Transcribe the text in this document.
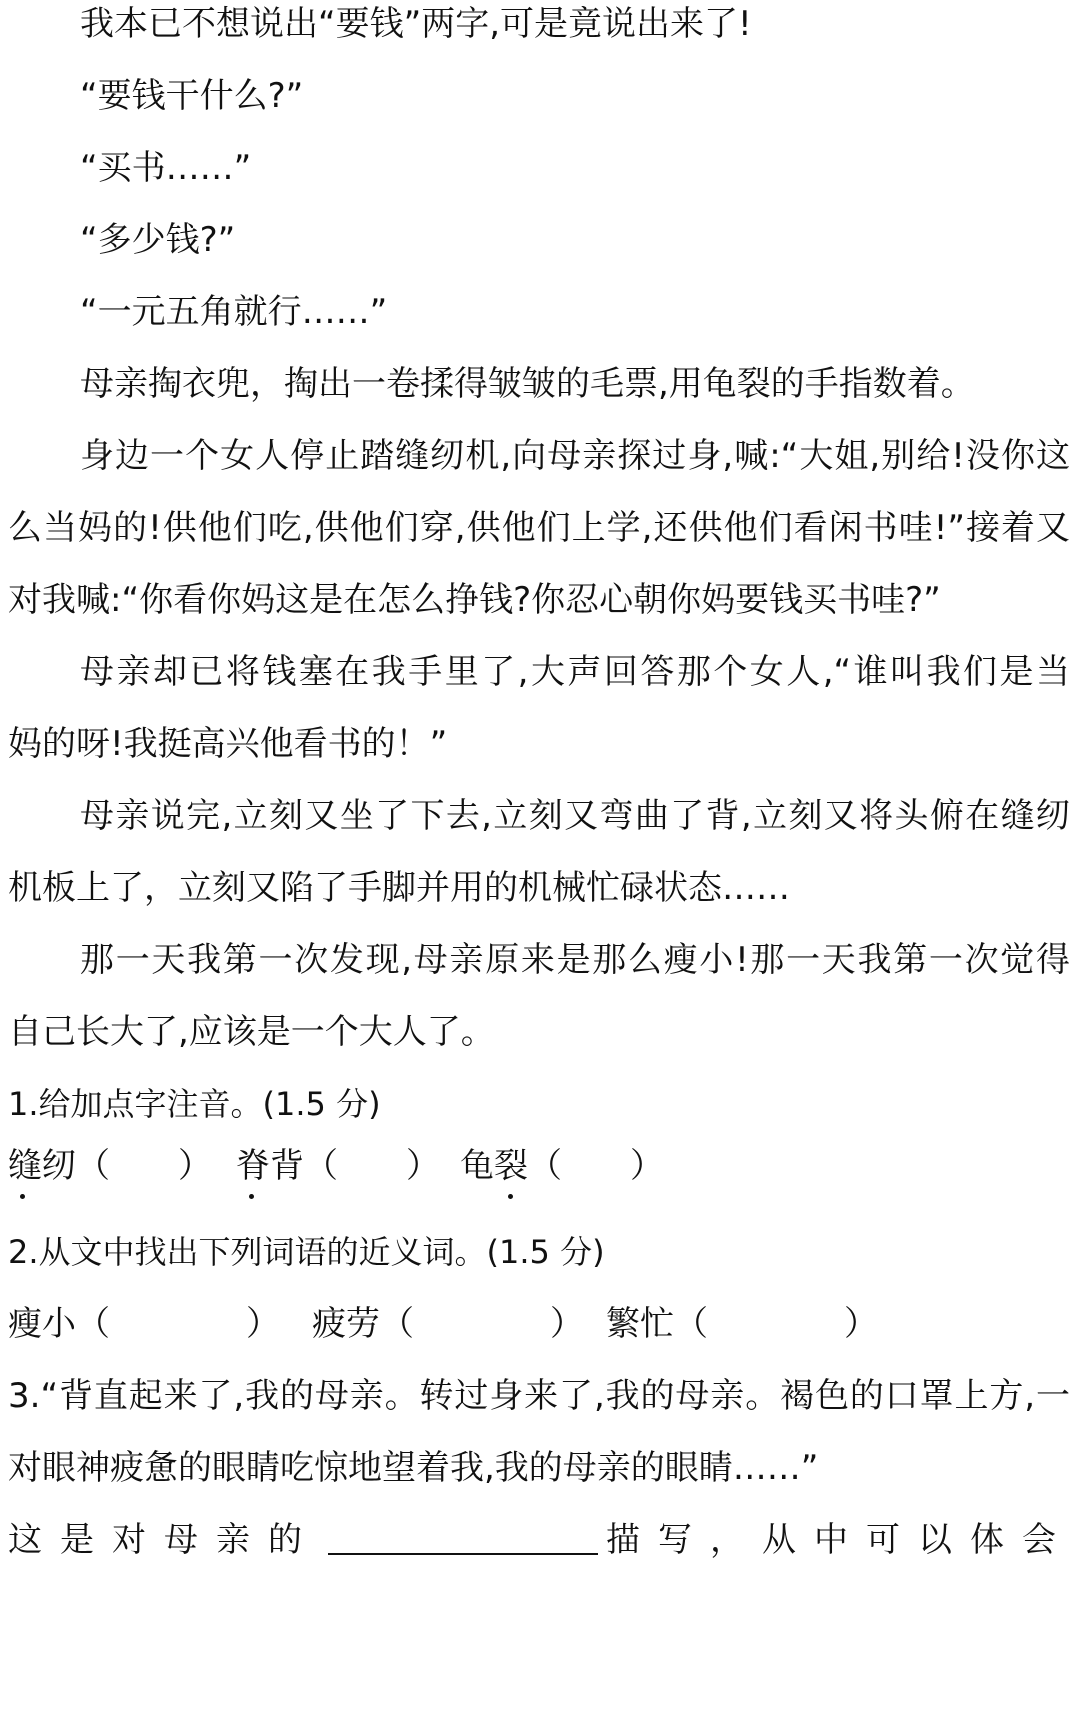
我本已不想说出“要钱”两字,可是竟说出来了!
“要钱干什么?”
“买书……”
“多少钱?”
“一元五角就行……”
母亲掏衣兜，掏出一卷揉得皱皱的毛票,用龟裂的手指数着。
身边一个女人停止踏缝纫机,向母亲探过身,喊:“大姐,别给!没你这
么当妈的!供他们吃,供他们穿,供他们上学,还供他们看闲书哇!”接着又
对我喊:“你看你妈这是在怎么挣钱?你忍心朝你妈要钱买书哇?”
母亲却已将钱塞在我手里了,大声回答那个女人,“谁叫我们是当
妈的呀!我挺高兴他看书的！”
母亲说完,立刻又坐了下去,立刻又弯曲了背,立刻又将头俯在缝纫
机板上了，立刻又陷了手脚并用的机械忙碌状态……
那一天我第一次发现,母亲原来是那么瘦小!那一天我第一次觉得
自己长大了,应该是一个大人了。
1.给加点字注音。(1.5 分)
缝纫（　　） 脊背（　　） 龟裂（　　）
2.从文中找出下列词语的近义词。(1.5 分)
瘦小（　　　　） 疲劳（　　　　） 繁忙（　　　　）
3.“背直起来了,我的母亲。转过身来了,我的母亲。褐色的口罩上方,一
对眼神疲惫的眼睛吃惊地望着我,我的母亲的眼睛……”
这是对母亲的	描写，从中可以体会
